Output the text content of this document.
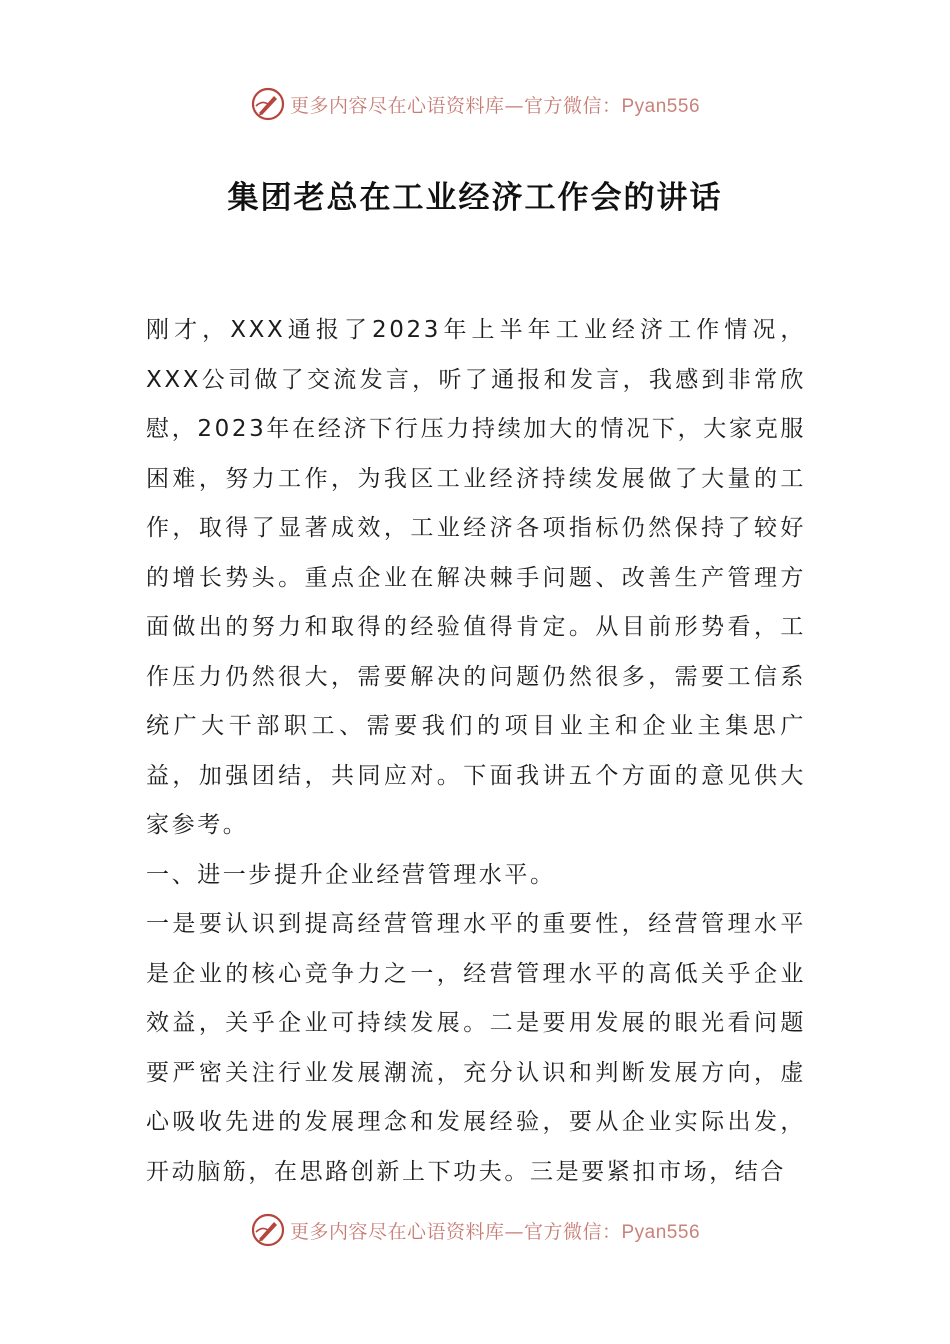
更多内容尽在心语资料库—官方微信：Pyan556
集团老总在工业经济工作会的讲话

刚才，XXX通报了2023年上半年工业经济工作情况，XXX公司做了交流发言，听了通报和发言，我感到非常欣慰，2023年在经济下行压力持续加大的情况下，大家克服困难，努力工作，为我区工业经济持续发展做了大量的工作，取得了显著成效，工业经济各项指标仍然保持了较好的增长势头。重点企业在解决棘手问题、改善生产管理方面做出的努力和取得的经验值得肯定。从目前形势看，工作压力仍然很大，需要解决的问题仍然很多，需要工信系统广大干部职工、需要我们的项目业主和企业主集思广益，加强团结，共同应对。下面我讲五个方面的意见供大家参考。

一、进一步提升企业经营管理水平。

一是要认识到提高经营管理水平的重要性，经营管理水平是企业的核心竞争力之一，经营管理水平的高低关乎企业效益，关乎企业可持续发展。二是要用发展的眼光看问题要严密关注行业发展潮流，充分认识和判断发展方向，虚心吸收先进的发展理念和发展经验，要从企业实际出发，开动脑筋，在思路创新上下功夫。三是要紧扣市场，结合

更多内容尽在心语资料库—官方微信：Pyan556
